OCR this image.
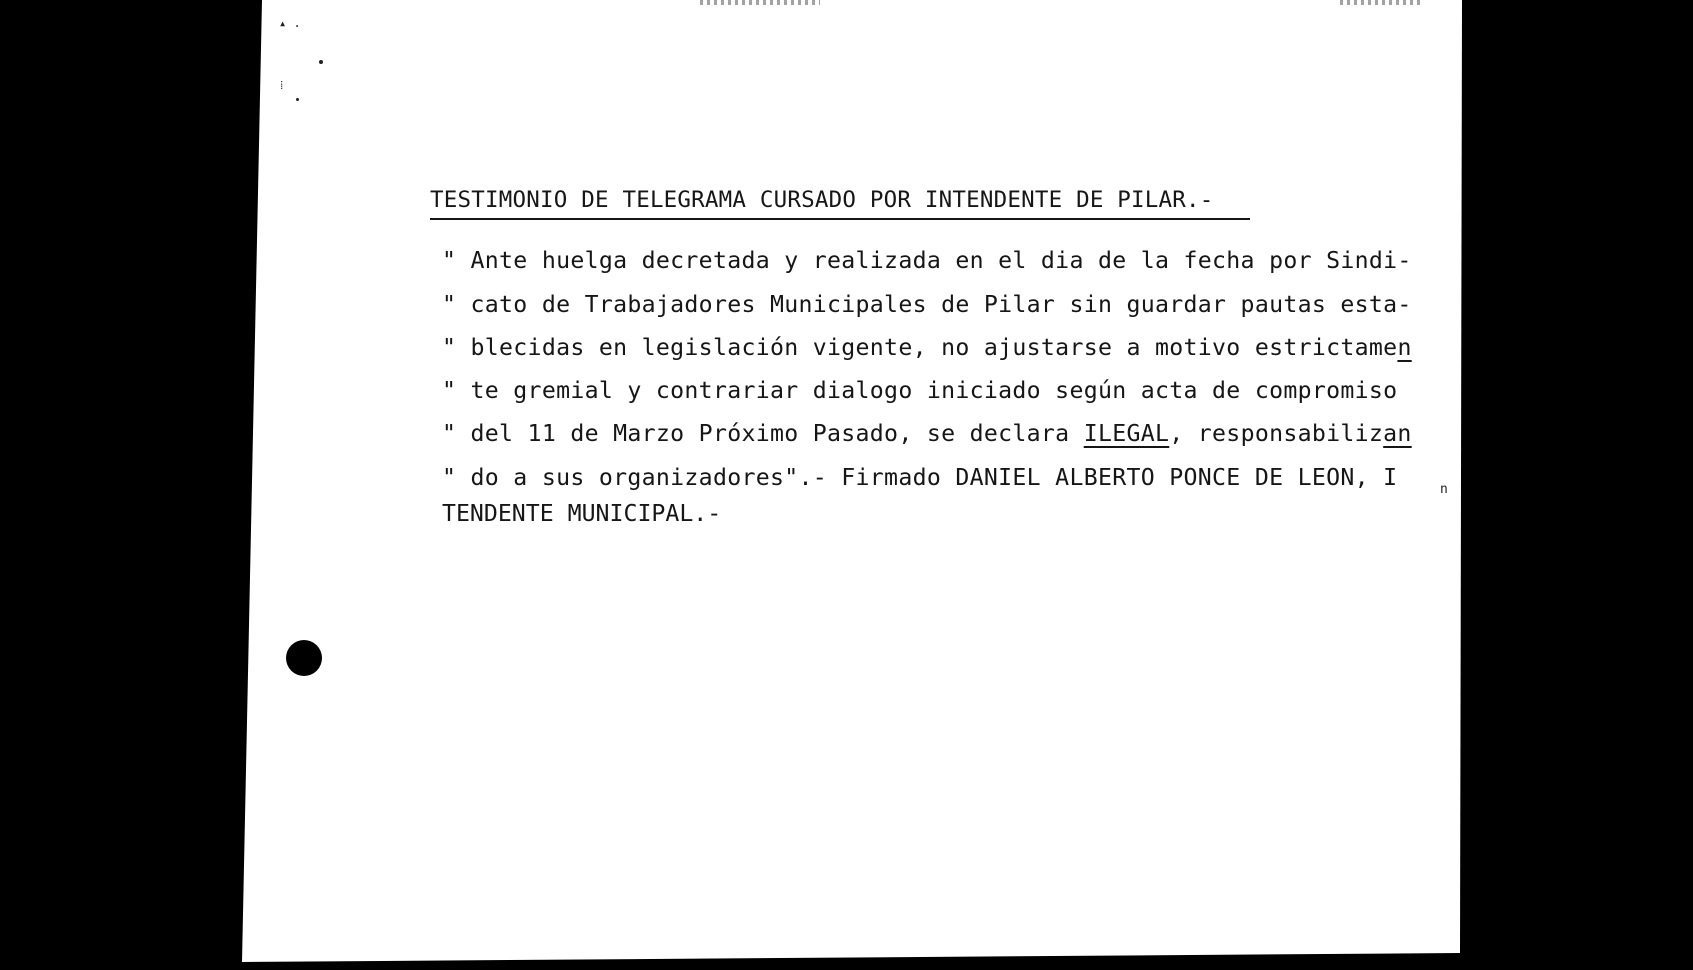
▴ .
⁞
TESTIMONIO DE TELEGRAMA CURSADO POR INTENDENTE DE PILAR.-
" Ante huelga decretada y realizada en el dia de la fecha por Sindi-
" cato de Trabajadores Municipales de Pilar sin guardar pautas esta-
" blecidas en legislación vigente, no ajustarse a motivo estrictamen
" te gremial y contrariar dialogo iniciado según acta de compromiso
" del 11 de Marzo Próximo Pasado, se declara ILEGAL, responsabilizan
" do a sus organizadores".- Firmado DANIEL ALBERTO PONCE DE LEON, I	n
TENDENTE MUNICIPAL.-
